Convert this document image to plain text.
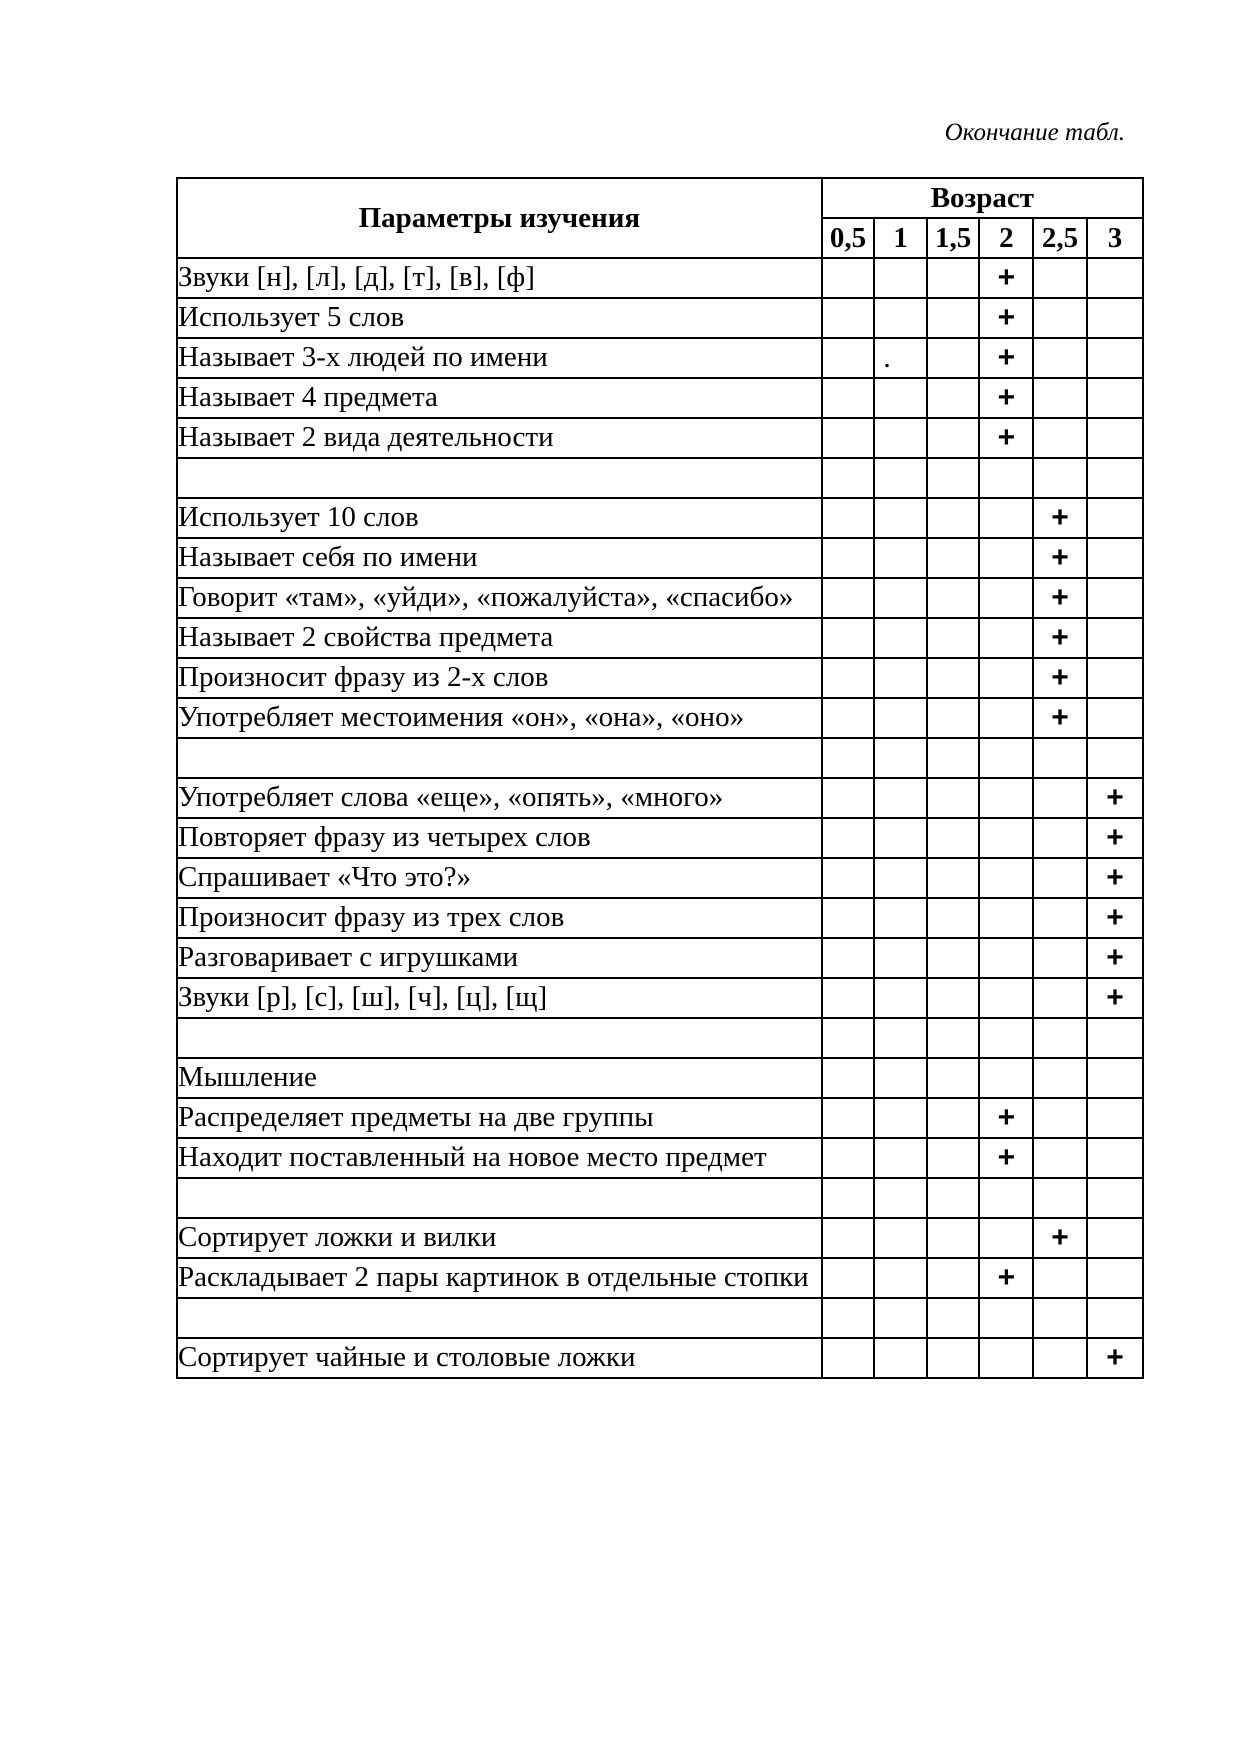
Окончание табл.
Параметры изучения	Возраст					
	0,5	1	1,5	2	2,5	3
Звуки [н], [л], [д], [т], [в], [ф]				+		
Использует 5 слов				+		
Называет 3-х людей по имени		.		+		
Называет 4 предмета				+		
Называет 2 вида деятельности				+		

Использует 10 слов					+	
Называет себя по имени					+	
Говорит «там», «уйди», «пожалуйста», «спасибо»					+	
Называет 2 свойства предмета					+	
Произносит фразу из 2-х слов					+	
Употребляет местоимения «он», «она», «оно»					+	

Употребляет слова «еще», «опять», «много»						+
Повторяет фразу из четырех слов						+
Спрашивает «Что это?»						+
Произносит фразу из трех слов						+
Разговаривает с игрушками						+
Звуки [р], [с], [ш], [ч], [ц], [щ]						+

Мышление						
Распределяет предметы на две группы				+		
Находит поставленный на новое место предмет				+		

Сортирует ложки и вилки					+	
Раскладывает 2 пары картинок в отдельные стопки				+		

Сортирует чайные и столовые ложки						+
